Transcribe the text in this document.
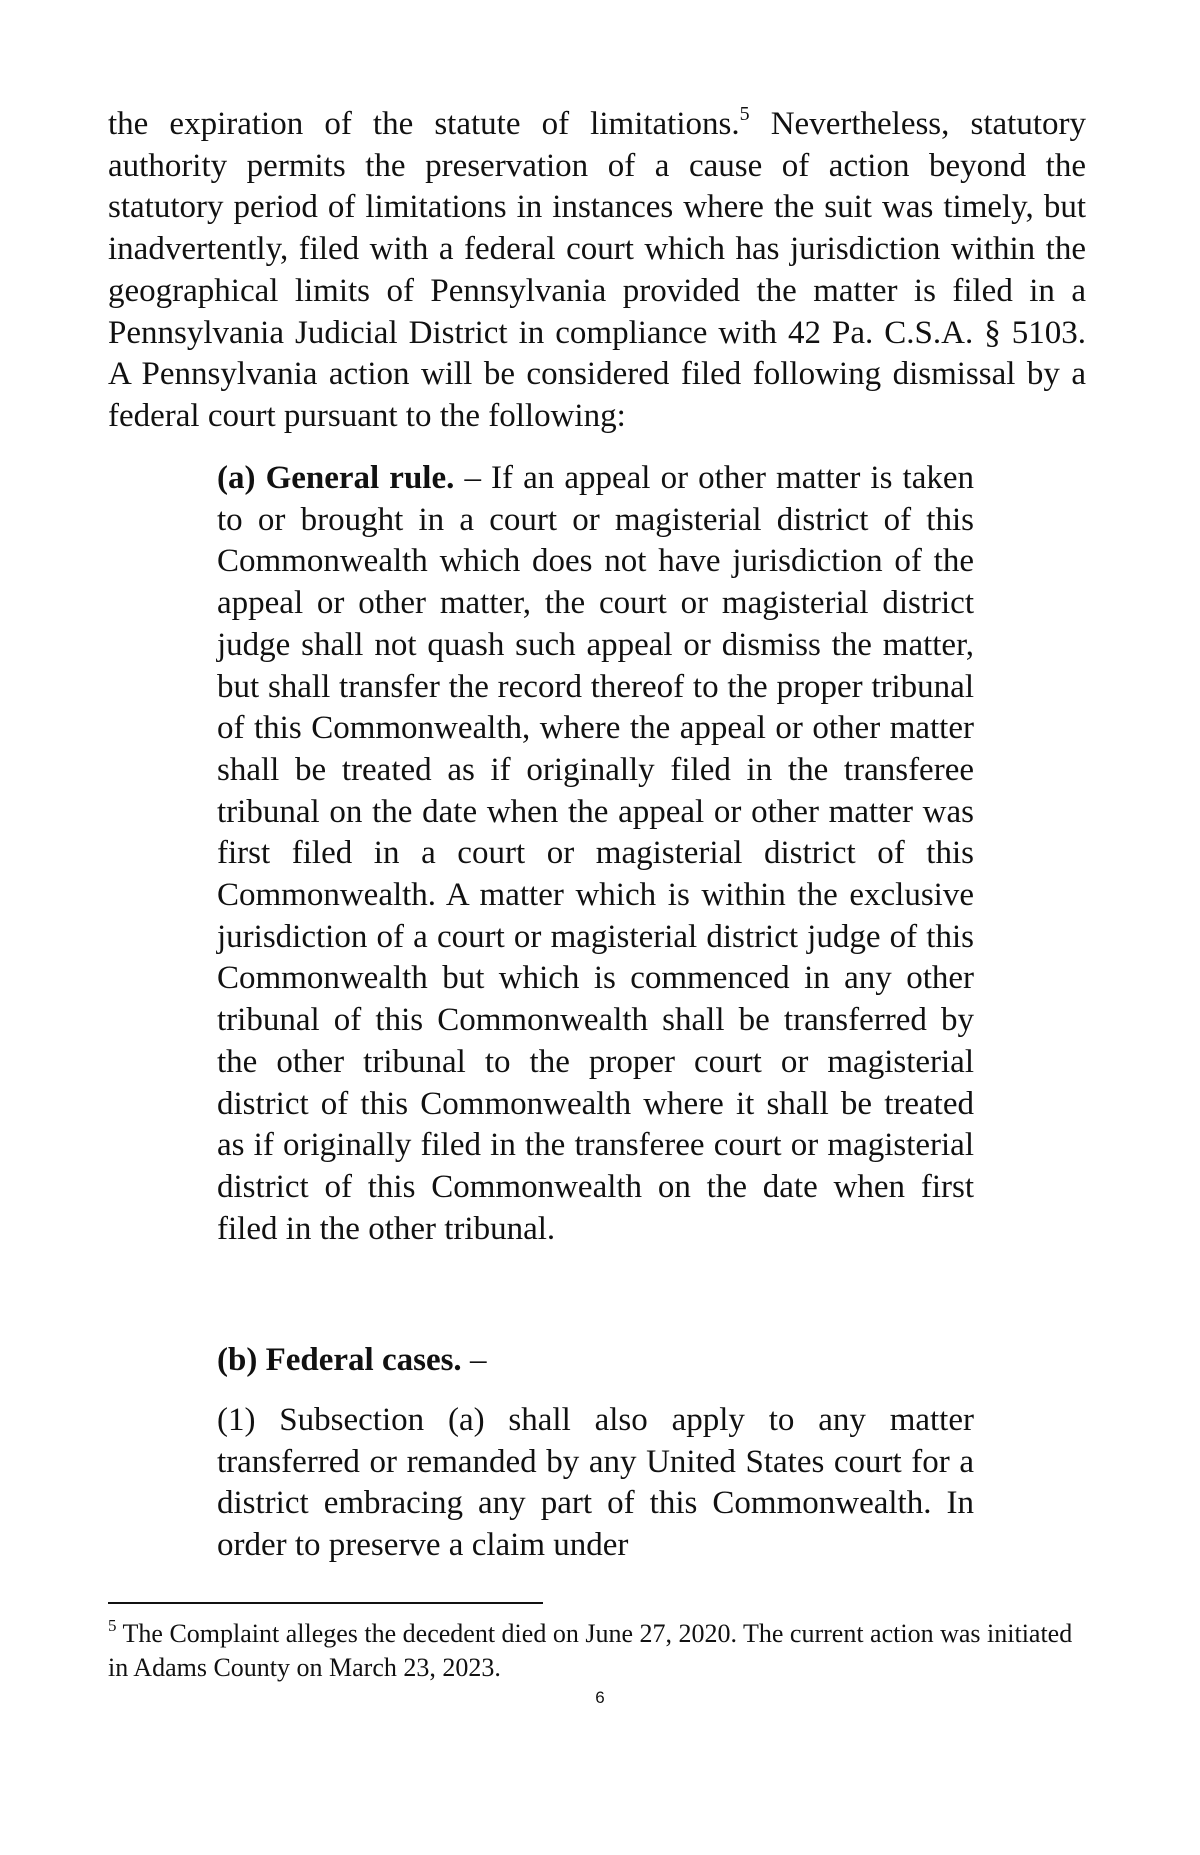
the expiration of the statute of limitations.$^5$ Nevertheless, statutory authority permits the preservation of a cause of action beyond the statutory period of limitations in instances where the suit was timely, but inadvertently, filed with a federal court which has jurisdiction within the geographical limits of Pennsylvania provided the matter is filed in a Pennsylvania Judicial District in compliance with 42 Pa. C.S.A. § 5103. A Pennsylvania action will be considered filed following dismissal by a federal court pursuant to the following:

(a) General rule. – If an appeal or other matter is taken to or brought in a court or magisterial district of this Commonwealth which does not have jurisdiction of the appeal or other matter, the court or magisterial district judge shall not quash such appeal or dismiss the matter, but shall transfer the record thereof to the proper tribunal of this Commonwealth, where the appeal or other matter shall be treated as if originally filed in the transferee tribunal on the date when the appeal or other matter was first filed in a court or magisterial district of this Commonwealth. A matter which is within the exclusive jurisdiction of a court or magisterial district judge of this Commonwealth but which is commenced in any other tribunal of this Commonwealth shall be transferred by the other tribunal to the proper court or magisterial district of this Commonwealth where it shall be treated as if originally filed in the transferee court or magisterial district of this Commonwealth on the date when first filed in the other tribunal.

(b) Federal cases. –

(1) Subsection (a) shall also apply to any matter transferred or remanded by any United States court for a district embracing any part of this Commonwealth. In order to preserve a claim under

$^5$ The Complaint alleges the decedent died on June 27, 2020. The current action was initiated in Adams County on March 23, 2023.

6
